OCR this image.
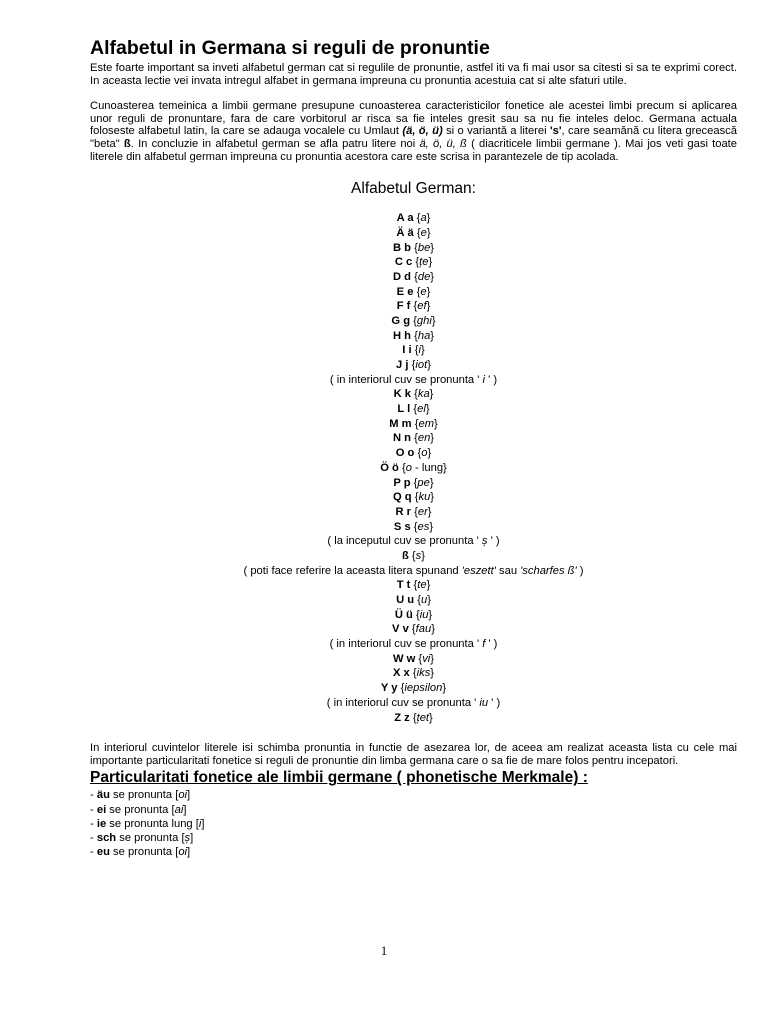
Alfabetul in Germana si reguli de pronuntie

Este foarte important sa inveti alfabetul german cat si regulile de pronuntie, astfel iti va fi mai usor sa citesti si sa te exprimi corect. In aceasta lectie vei invata intregul alfabet in germana impreuna cu pronuntia acestuia cat si alte sfaturi utile.

Cunoasterea temeinica a limbii germane presupune cunoasterea caracteristicilor fonetice ale acestei limbi precum si aplicarea unor reguli de pronuntare, fara de care vorbitorul ar risca sa fie inteles gresit sau sa nu fie inteles deloc. Germana actuala foloseste alfabetul latin, la care se adauga vocalele cu Umlaut (ä, ö, ü) si o variantă a literei 's', care seamănă cu litera grecească "beta" ß. In concluzie in alfabetul german se afla patru litere noi ä, ö, ü, ß ( diacriticele limbii germane ). Mai jos veti gasi toate literele din alfabetul german impreuna cu pronuntia acestora care este scrisa in parantezele de tip acolada.

Alfabetul German:
A a {a}
Ä ä {e}
B b {be}
C c {țe}
D d {de}
E e {e}
F f {ef}
G g {ghi}
H h {ha}
I i {i}
J j {iot}
( in interiorul cuv se pronunta ' i ' )
K k {ka}
L l {el}
M m {em}
N n {en}
O o {o}
Ö ö {o - lung}
P p {pe}
Q q {ku}
R r {er}
S s {es}
( la inceputul cuv se pronunta ' ș ' )
ß {s}
( poti face referire la aceasta litera spunand 'eszett' sau 'scharfes ß' )
T t {te}
U u {u}
Ü ü {iu}
V v {fau}
( in interiorul cuv se pronunta ' f ' )
W w {vi}
X x {iks}
Y y {iepsilon}
( in interiorul cuv se pronunta ' iu ' )
Z z {țet}

In interiorul cuvintelor literele isi schimba pronuntia in functie de asezarea lor, de aceea am realizat aceasta lista cu cele mai importante particularitati fonetice si reguli de pronuntie din limba germana care o sa fie de mare folos pentru incepatori.

Particularitati fonetice ale limbii germane ( phonetische Merkmale) :
- äu se pronunta [oi]
- ei se pronunta [ai]
- ie se pronunta lung [i]
- sch se pronunta [ș]
- eu se pronunta [oi]
1
